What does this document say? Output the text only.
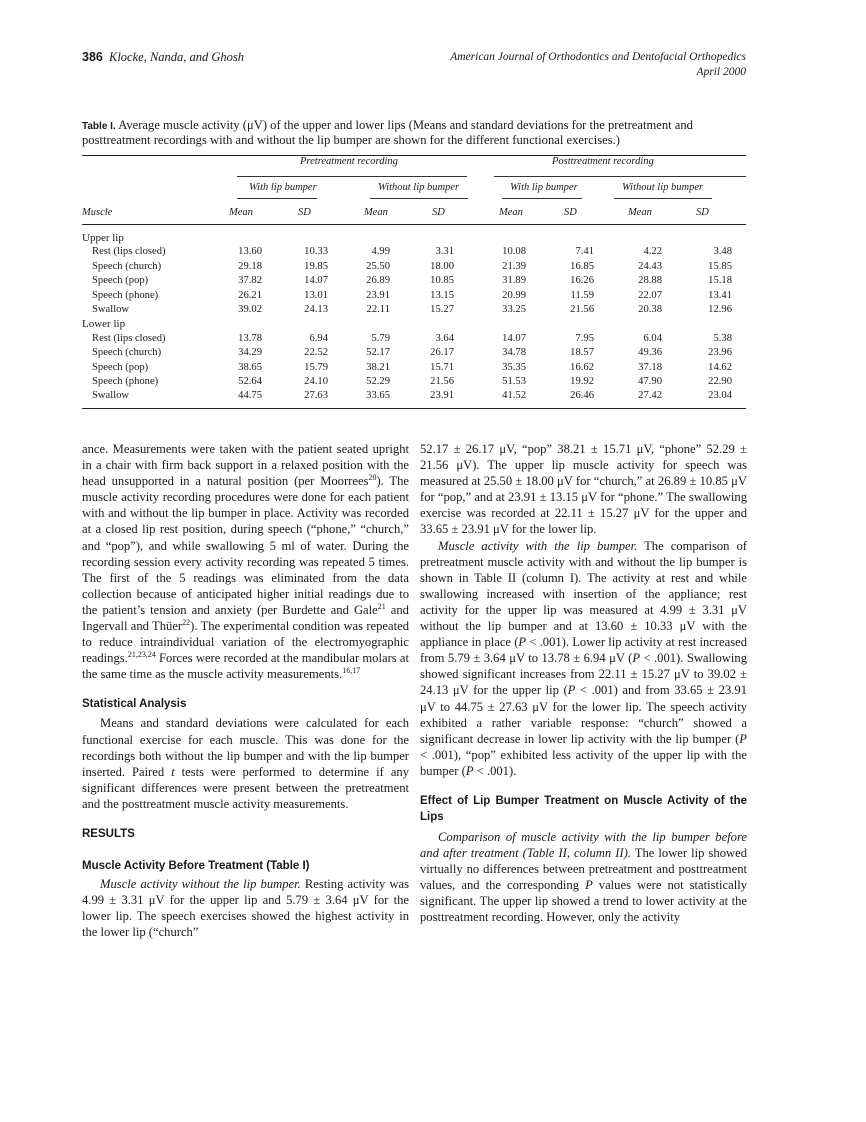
386 Klocke, Nanda, and Ghosh	American Journal of Orthodontics and Dentofacial Orthopedics
April 2000
Table I. Average muscle activity (μV) of the upper and lower lips (Means and standard deviations for the pretreatment and posttreatment recordings with and without the lip bumper are shown for the different functional exercises.)
Pretreatment recording	Posttreatment recording
With lip bumper	Without lip bumper	With lip bumper	Without lip bumper
Muscle	Mean	SD	Mean	SD	Mean	SD	Mean	SD
Upper lip
Rest (lips closed)	13.60	10.33	4.99	3.31	10.08	7.41	4.22	3.48
Speech (church)	29.18	19.85	25.50	18.00	21.39	16.85	24.43	15.85
Speech (pop)	37.82	14.07	26.89	10.85	31.89	16.26	28.88	15.18
Speech (phone)	26.21	13.01	23.91	13.15	20.99	11.59	22.07	13.41
Swallow	39.02	24.13	22.11	15.27	33.25	21.56	20.38	12.96
Lower lip
Rest (lips closed)	13.78	6.94	5.79	3.64	14.07	7.95	6.04	5.38
Speech (church)	34.29	22.52	52.17	26.17	34.78	18.57	49.36	23.96
Speech (pop)	38.65	15.79	38.21	15.71	35.35	16.62	37.18	14.62
Speech (phone)	52.64	24.10	52.29	21.56	51.53	19.92	47.90	22.90
Swallow	44.75	27.63	33.65	23.91	41.52	26.46	27.42	23.04

ance. Measurements were taken with the patient seated upright in a chair with firm back support in a relaxed position with the head unsupported in a natural position (per Moorrees$^{20}$). The muscle activity recording procedures were done for each patient with and without the lip bumper in place. Activity was recorded at a closed lip rest position, during speech (“phone,” “church,” and “pop”), and while swallowing 5 ml of water. During the recording session every activity recording was repeated 5 times. The first of the 5 readings was eliminated from the data collection because of anticipated higher initial readings due to the patient’s tension and anxiety (per Burdette and Gale$^{21}$ and Ingervall and Thüer$^{22}$). The experimental condition was repeated to reduce intraindividual variation of the electromyographic readings.$^{21,23,24}$ Forces were recorded at the mandibular molars at the same time as the muscle activity measurements.$^{16,17}$

Statistical Analysis

Means and standard deviations were calculated for each functional exercise for each muscle. This was done for the recordings both without the lip bumper and with the lip bumper inserted. Paired t tests were performed to determine if any significant differences were present between the pretreatment and the posttreatment muscle activity measurements.

RESULTS
Muscle Activity Before Treatment (Table I)

Muscle activity without the lip bumper. Resting activity was 4.99 ± 3.31 μV for the upper lip and 5.79 ± 3.64 μV for the lower lip. The speech exercises showed the highest activity in the lower lip (“church”

52.17 ± 26.17 μV, “pop” 38.21 ± 15.71 μV, “phone” 52.29 ± 21.56 μV). The upper lip muscle activity for speech was measured at 25.50 ± 18.00 μV for “church,” at 26.89 ± 10.85 μV for “pop,” and at 23.91 ± 13.15 μV for “phone.” The swallowing exercise was recorded at 22.11 ± 15.27 μV for the upper and 33.65 ± 23.91 μV for the lower lip.

Muscle activity with the lip bumper. The comparison of pretreatment muscle activity with and without the lip bumper is shown in Table II (column I). The activity at rest and while swallowing increased with insertion of the appliance; rest activity for the upper lip was measured at 4.99 ± 3.31 μV without the lip bumper and at 13.60 ± 10.33 μV with the appliance in place (P < .001). Lower lip activity at rest increased from 5.79 ± 3.64 μV to 13.78 ± 6.94 μV (P < .001). Swallowing showed significant increases from 22.11 ± 15.27 μV to 39.02 ± 24.13 μV for the upper lip (P < .001) and from 33.65 ± 23.91 μV to 44.75 ± 27.63 μV for the lower lip. The speech activity exhibited a rather variable response: “church” showed a significant decrease in lower lip activity with the lip bumper (P < .001), “pop” exhibited less activity of the upper lip with the bumper (P < .001).

Effect of Lip Bumper Treatment on Muscle Activity of the Lips

Comparison of muscle activity with the lip bumper before and after treatment (Table II, column II). The lower lip showed virtually no differences between pretreatment and posttreatment values, and the corresponding P values were not statistically significant. The upper lip showed a trend to lower activity at the posttreatment recording. However, only the activity
